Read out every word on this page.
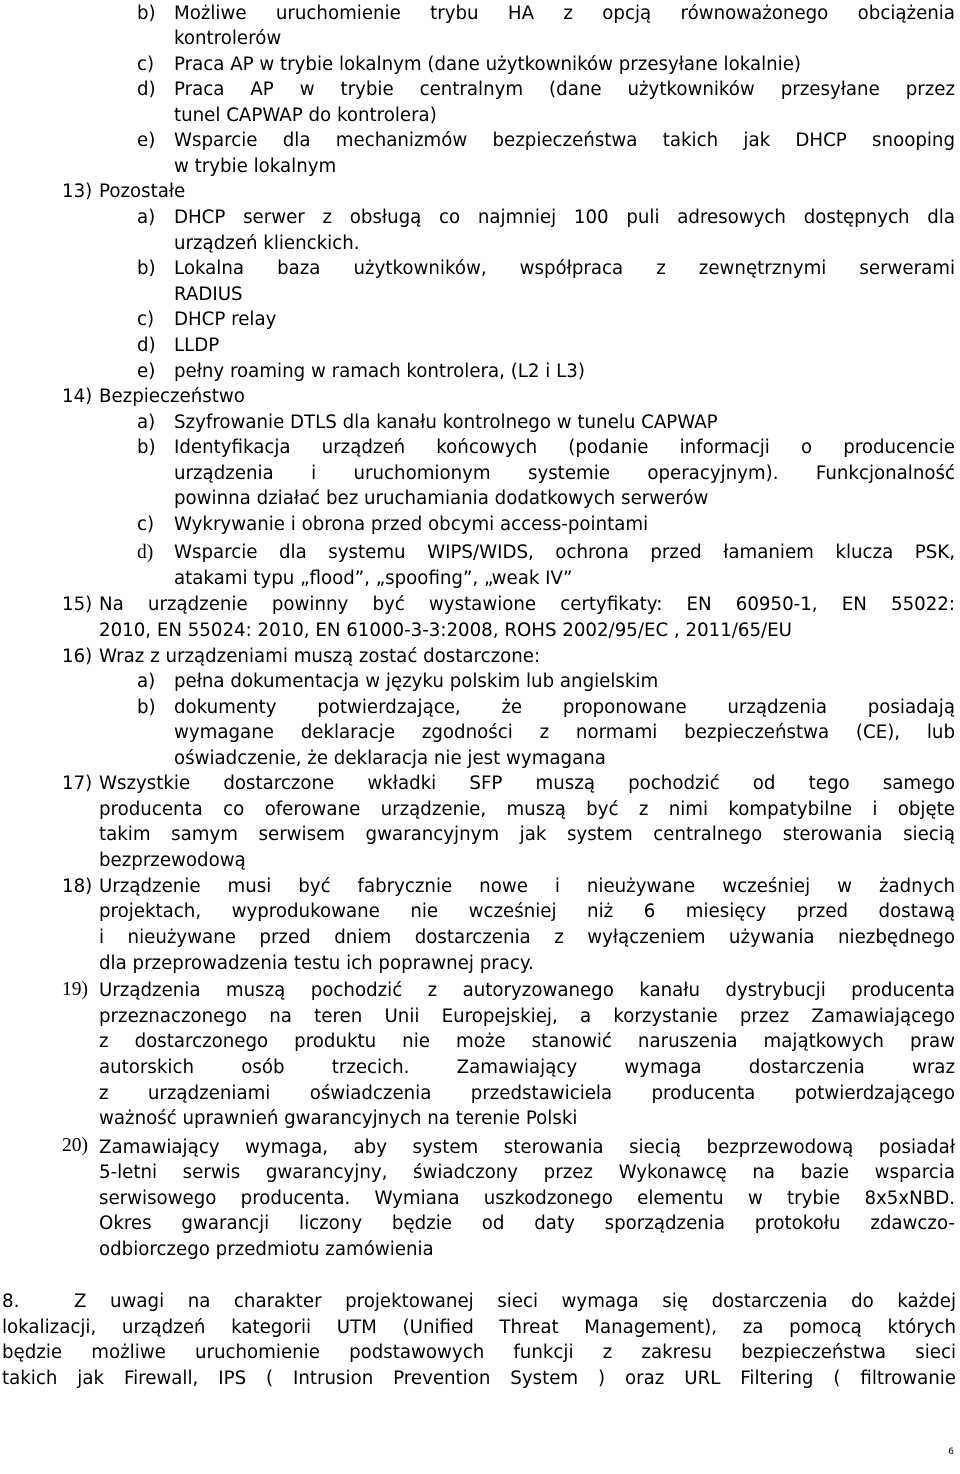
b) Możliwe uruchomienie trybu HA z opcją równoważonego obciążenia
kontrolerów
c) Praca AP w trybie lokalnym (dane użytkowników przesyłane lokalnie)
d) Praca AP w trybie centralnym (dane użytkowników przesyłane przez
tunel CAPWAP do kontrolera)
e) Wsparcie dla mechanizmów bezpieczeństwa takich jak DHCP snooping
w trybie lokalnym
13) Pozostałe
a) DHCP serwer z obsługą co najmniej 100 puli adresowych dostępnych dla
urządzeń klienckich.
b) Lokalna baza użytkowników, współpraca z zewnętrznymi serwerami
RADIUS
c) DHCP relay
d) LLDP
e) pełny roaming w ramach kontrolera, (L2 i L3)
14) Bezpieczeństwo
a) Szyfrowanie DTLS dla kanału kontrolnego w tunelu CAPWAP
b) Identyfikacja urządzeń końcowych (podanie informacji o producencie
urządzenia i uruchomionym systemie operacyjnym). Funkcjonalność
powinna działać bez uruchamiania dodatkowych serwerów
c) Wykrywanie i obrona przed obcymi access-pointami
d) Wsparcie dla systemu WIPS/WIDS, ochrona przed łamaniem klucza PSK,
atakami typu „flood”, „spoofing”, „weak IV”
15) Na urządzenie powinny być wystawione certyfikaty: EN 60950-1, EN 55022:
2010, EN 55024: 2010, EN 61000-3-3:2008, ROHS 2002/95/EC , 2011/65/EU
16) Wraz z urządzeniami muszą zostać dostarczone:
a) pełna dokumentacja w języku polskim lub angielskim
b) dokumenty potwierdzające, że proponowane urządzenia posiadają
wymagane deklaracje zgodności z normami bezpieczeństwa (CE), lub
oświadczenie, że deklaracja nie jest wymagana
17) Wszystkie dostarczone wkładki SFP muszą pochodzić od tego samego
producenta co oferowane urządzenie, muszą być z nimi kompatybilne i objęte
takim samym serwisem gwarancyjnym jak system centralnego sterowania siecią
bezprzewodową
18) Urządzenie musi być fabrycznie nowe i nieużywane wcześniej w żadnych
projektach, wyprodukowane nie wcześniej niż 6 miesięcy przed dostawą
i nieużywane przed dniem dostarczenia z wyłączeniem używania niezbędnego
dla przeprowadzenia testu ich poprawnej pracy.
19) Urządzenia muszą pochodzić z autoryzowanego kanału dystrybucji producenta
przeznaczonego na teren Unii Europejskiej, a korzystanie przez Zamawiającego
z dostarczonego produktu nie może stanowić naruszenia majątkowych praw
autorskich osób trzecich. Zamawiający wymaga dostarczenia wraz
z urządzeniami oświadczenia przedstawiciela producenta potwierdzającego
ważność uprawnień gwarancyjnych na terenie Polski
20) Zamawiający wymaga, aby system sterowania siecią bezprzewodową posiadał
5-letni serwis gwarancyjny, świadczony przez Wykonawcę na bazie wsparcia
serwisowego producenta. Wymiana uszkodzonego elementu w trybie 8x5xNBD.
Okres gwarancji liczony będzie od daty sporządzenia protokołu zdawczo-
odbiorczego przedmiotu zamówienia
8.	Z uwagi na charakter projektowanej sieci wymaga się dostarczenia do każdej
lokalizacji, urządzeń kategorii UTM (Unified Threat Management), za pomocą których
będzie możliwe uruchomienie podstawowych funkcji z zakresu bezpieczeństwa sieci
takich jak Firewall, IPS ( Intrusion Prevention System ) oraz URL Filtering ( filtrowanie
6
